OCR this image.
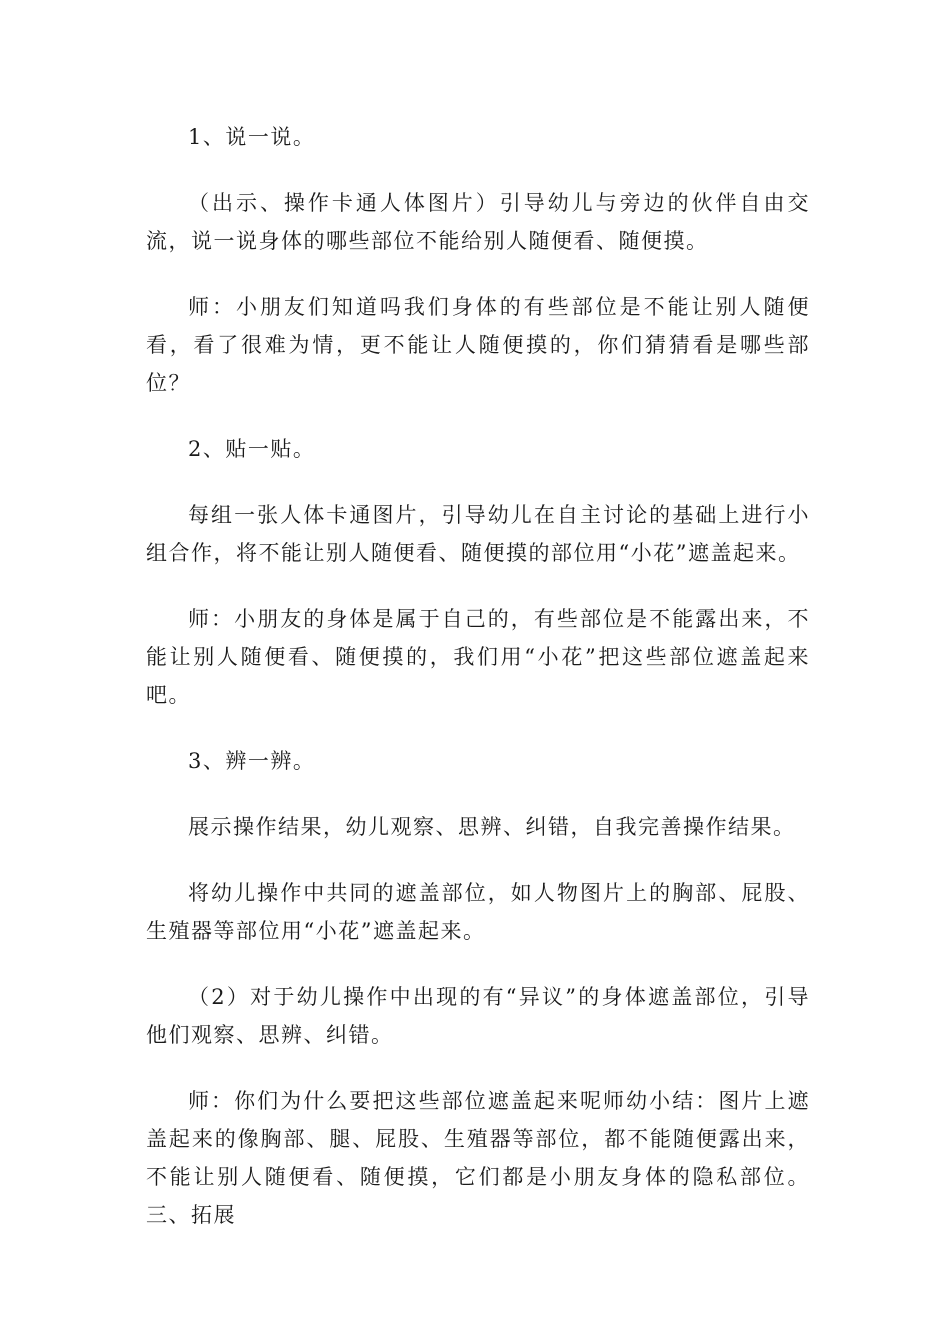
1、说一说。

（出示、操作卡通人体图片）引导幼儿与旁边的伙伴自由交流，说一说身体的哪些部位不能给别人随便看、随便摸。

师：小朋友们知道吗我们身体的有些部位是不能让别人随便看，看了很难为情，更不能让人随便摸的，你们猜猜看是哪些部位？

2、贴一贴。

每组一张人体卡通图片，引导幼儿在自主讨论的基础上进行小组合作，将不能让别人随便看、随便摸的部位用“小花”遮盖起来。

师：小朋友的身体是属于自己的，有些部位是不能露出来，不能让别人随便看、随便摸的，我们用“小花”把这些部位遮盖起来吧。

3、辨一辨。

展示操作结果，幼儿观察、思辨、纠错，自我完善操作结果。

将幼儿操作中共同的遮盖部位，如人物图片上的胸部、屁股、生殖器等部位用“小花”遮盖起来。

（2）对于幼儿操作中出现的有“异议”的身体遮盖部位，引导他们观察、思辨、纠错。

师：你们为什么要把这些部位遮盖起来呢师幼小结：图片上遮盖起来的像胸部、腿、屁股、生殖器等部位，都不能随便露出来，不能让别人随便看、随便摸，它们都是小朋友身体的隐私部位。三、拓展
